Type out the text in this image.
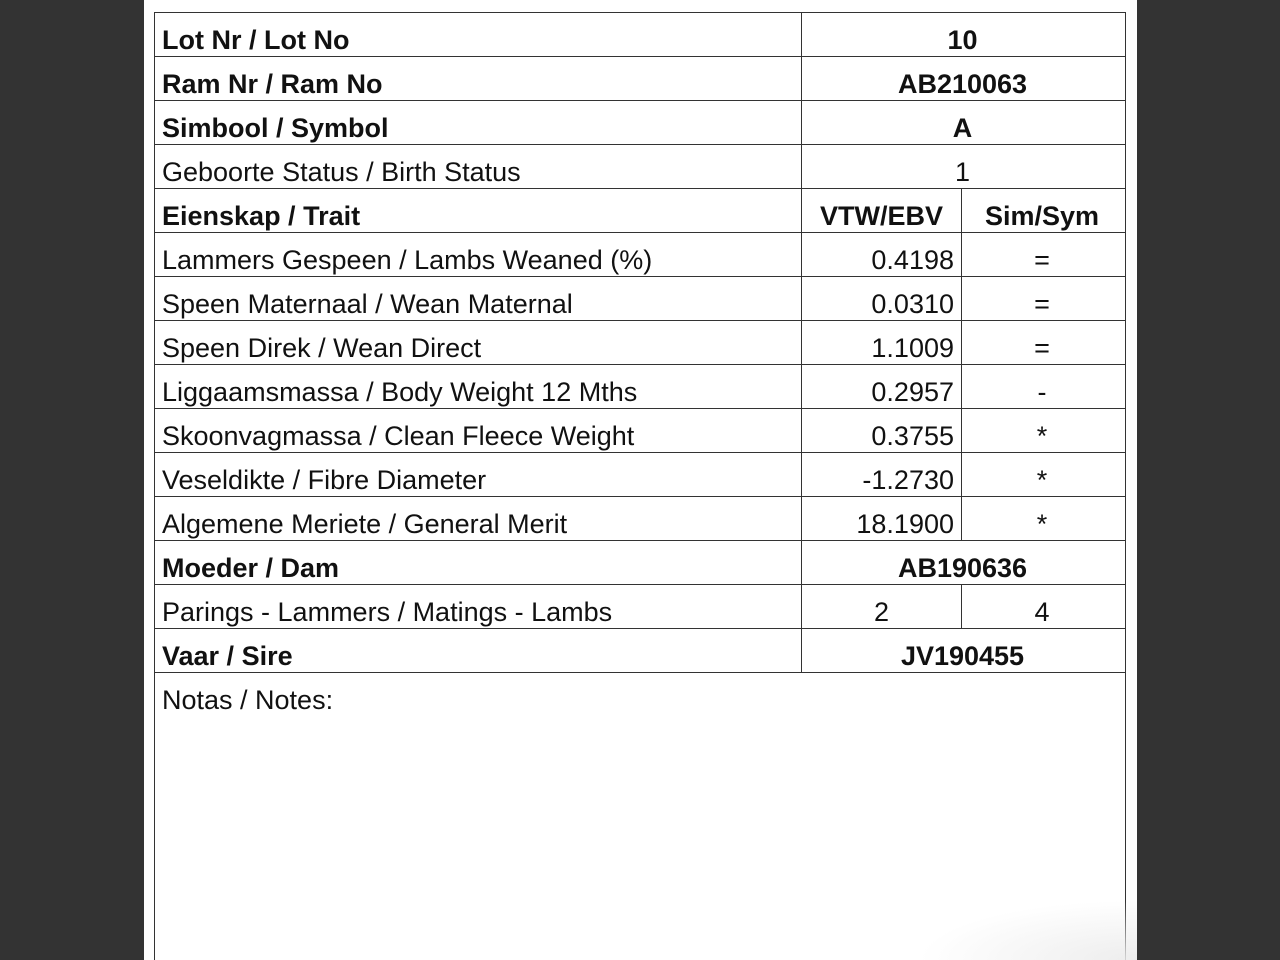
Lot Nr / Lot No	10
Ram Nr / Ram No	AB210063
Simbool / Symbol	A
Geboorte Status / Birth Status	1
Eienskap / Trait	VTW/EBV	Sim/Sym
Lammers Gespeen / Lambs Weaned (%)	0.4198	=
Speen Maternaal / Wean Maternal	0.0310	=
Speen Direk / Wean Direct	1.1009	=
Liggaamsmassa / Body Weight 12 Mths	0.2957	-
Skoonvagmassa / Clean Fleece Weight	0.3755	*
Veseldikte / Fibre Diameter	-1.2730	*
Algemene Meriete / General Merit	18.1900	*
Moeder / Dam	AB190636
Parings - Lammers / Matings - Lambs	2	4
Vaar / Sire	JV190455
Notas / Notes:
